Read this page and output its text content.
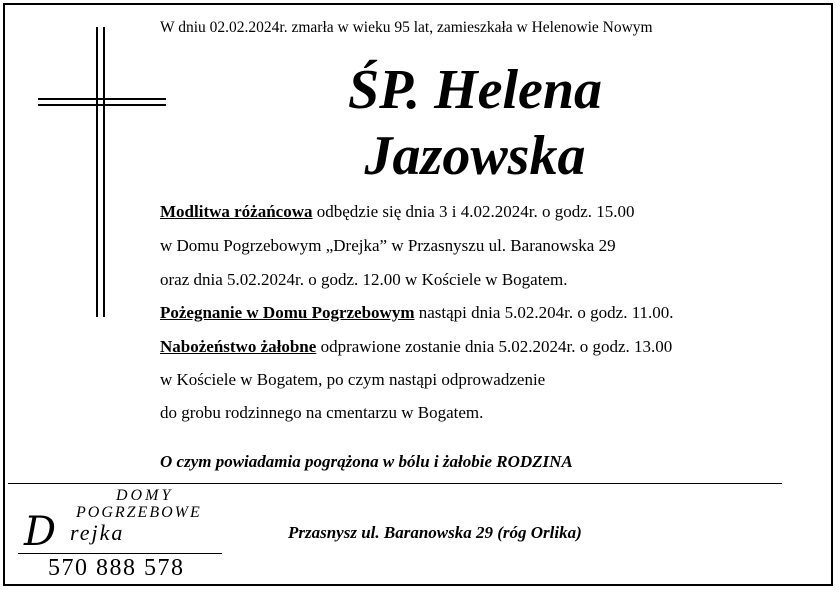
W dniu 02.02.2024r. zmarła w wieku 95 lat, zamieszkała w Helenowie Nowym
ŚP. Helena
Jazowska
Modlitwa różańcowa odbędzie się dnia 3 i 4.02.2024r. o godz. 15.00
w Domu Pogrzebowym „Drejka” w Przasnyszu ul. Baranowska 29
oraz dnia 5.02.2024r. o godz. 12.00 w Kościele w Bogatem.
Pożegnanie w Domu Pogrzebowym nastąpi dnia 5.02.204r. o godz. 11.00.
Nabożeństwo żałobne odprawione zostanie dnia 5.02.2024r. o godz. 13.00
w Kościele w Bogatem, po czym nastąpi odprowadzenie
do grobu rodzinnego na cmentarzu w Bogatem.
O czym powiadamia pogrążona w bólu i żałobie RODZINA
DOMY
POGRZEBOWE
D rejka
570 888 578
Przasnysz ul. Baranowska 29 (róg Orlika)
